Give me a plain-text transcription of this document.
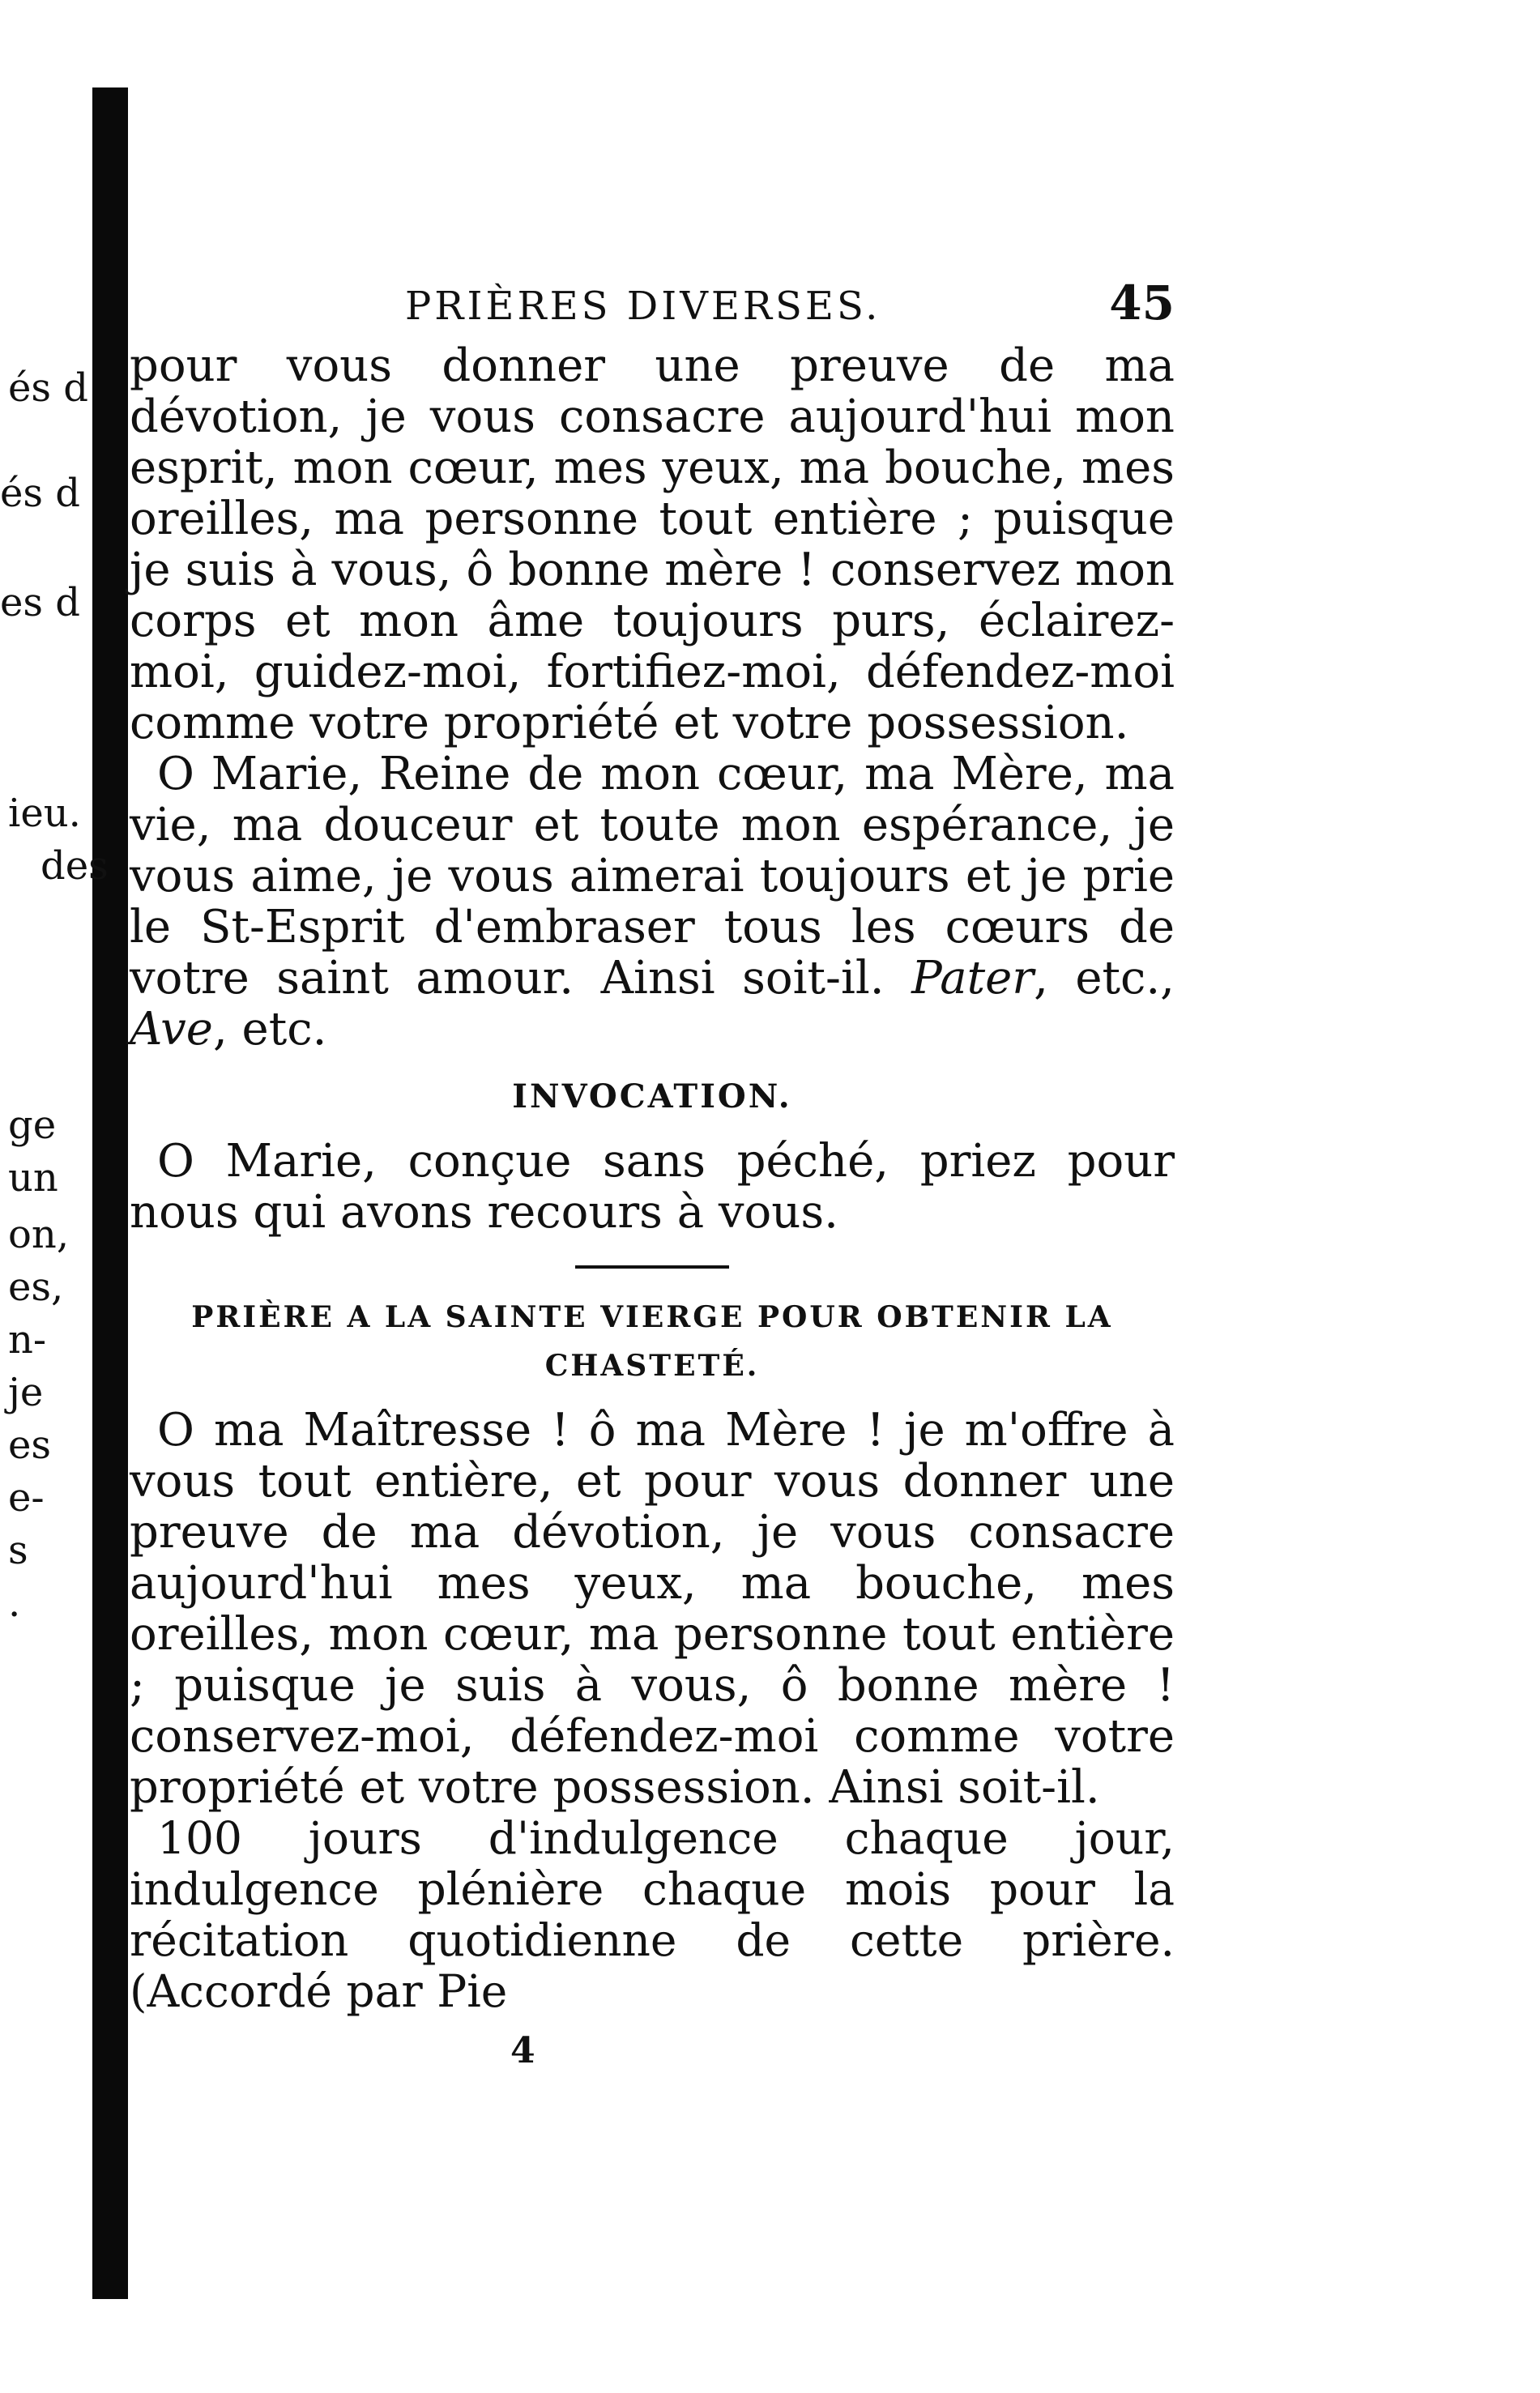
és d
és d
es d
ieu.
des
ge
un
on,
es,
n-
je
es
e-
s
.
PRIÈRES DIVERSES.	45

pour vous donner une preuve de ma dévotion, je vous consacre aujourd'hui mon esprit, mon cœur, mes yeux, ma bouche, mes oreilles, ma personne tout entière ; puisque je suis à vous, ô bonne mère ! conservez mon corps et mon âme toujours purs, éclairez-moi, guidez-moi, fortifiez-moi, défendez-moi comme votre propriété et votre possession.

O Marie, Reine de mon cœur, ma Mère, ma vie, ma douceur et toute mon espérance, je vous aime, je vous aimerai toujours et je prie le St-Esprit d'embraser tous les cœurs de votre saint amour. Ainsi soit-il. Pater, etc., Ave, etc.

INVOCATION.

O Marie, conçue sans péché, priez pour nous qui avons recours à vous.

PRIÈRE A LA SAINTE VIERGE POUR OBTENIR LA
CHASTETÉ.

O ma Maîtresse ! ô ma Mère ! je m'offre à vous tout entière, et pour vous donner une preuve de ma dévotion, je vous consacre aujourd'hui mes yeux, ma bouche, mes oreilles, mon cœur, ma personne tout entière ; puisque je suis à vous, ô bonne mère ! conservez-moi, défendez-moi comme votre propriété et votre possession. Ainsi soit-il.

100 jours d'indulgence chaque jour, indulgence plénière chaque mois pour la récitation quotidienne de cette prière. (Accordé par Pie

4
